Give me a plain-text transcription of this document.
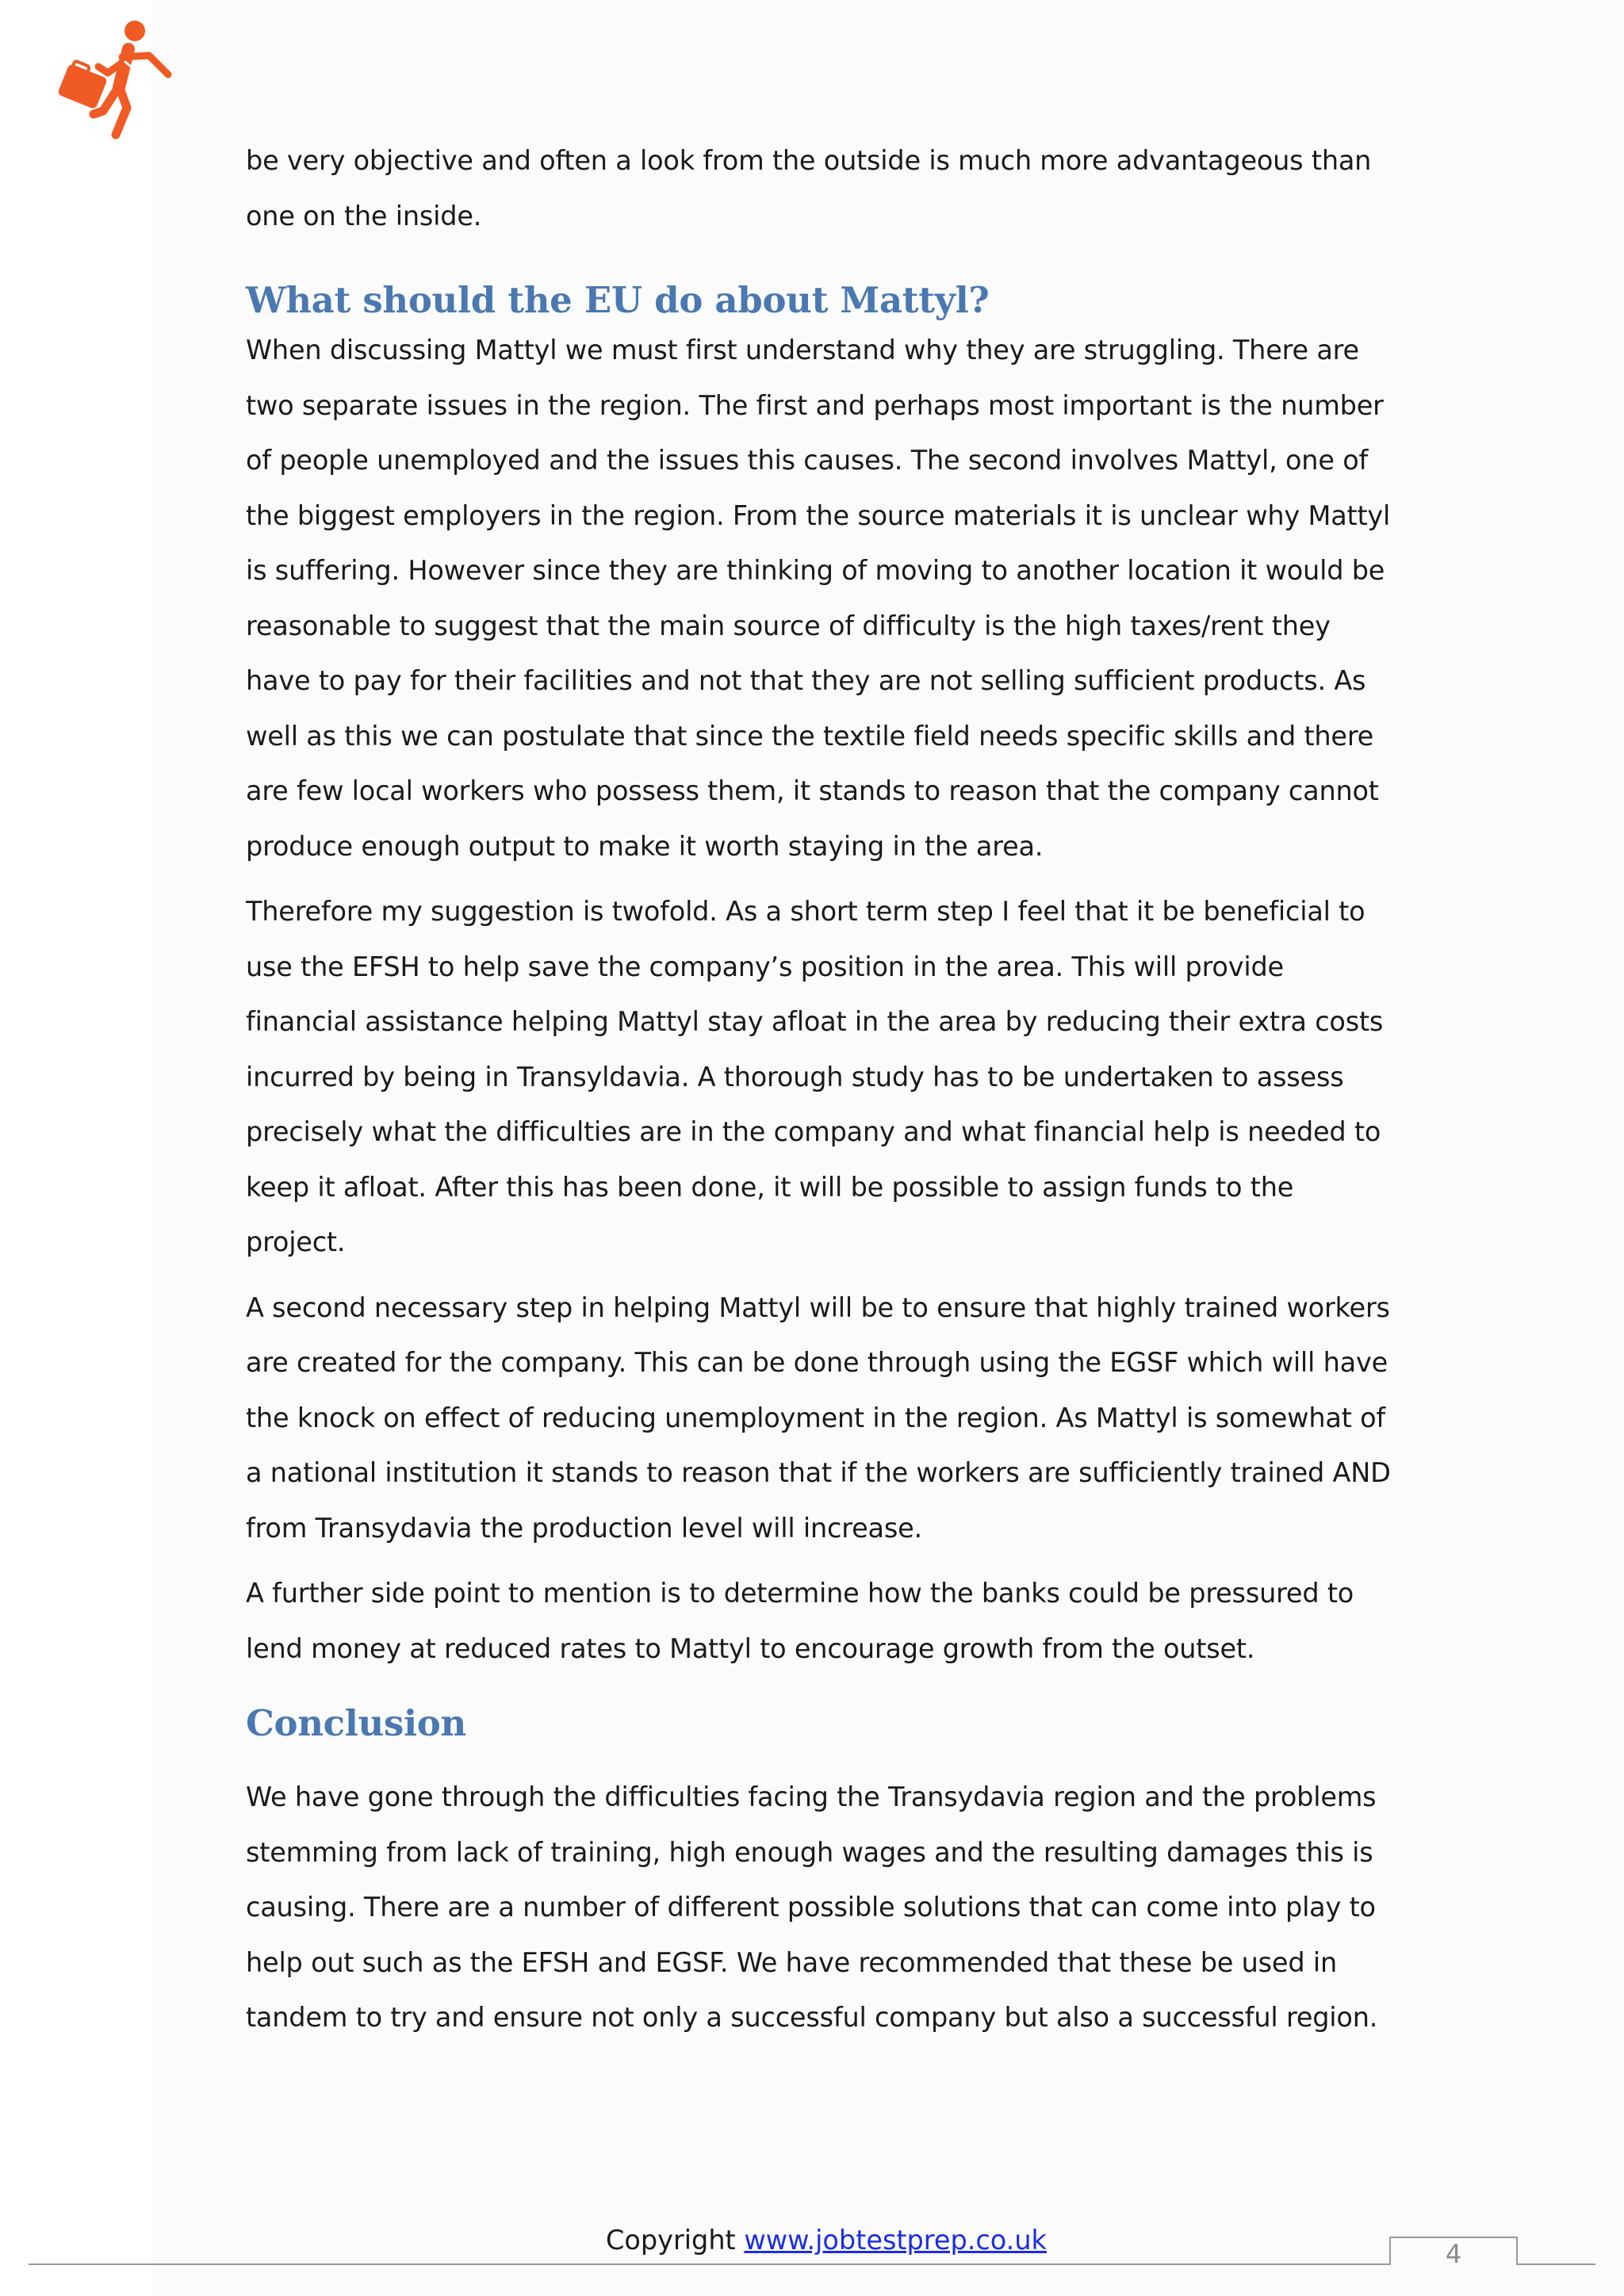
be very objective and often a look from the outside is much more advantageous than one on the inside.

What should the EU do about Mattyl?

When discussing Mattyl we must first understand why they are struggling. There are two separate issues in the region. The first and perhaps most important is the number of people unemployed and the issues this causes. The second involves Mattyl, one of the biggest employers in the region. From the source materials it is unclear why Mattyl is suffering. However since they are thinking of moving to another location it would be reasonable to suggest that the main source of difficulty is the high taxes/rent they have to pay for their facilities and not that they are not selling sufficient products. As well as this we can postulate that since the textile field needs specific skills and there are few local workers who possess them, it stands to reason that the company cannot produce enough output to make it worth staying in the area.

Therefore my suggestion is twofold. As a short term step I feel that it be beneficial to use the EFSH to help save the company’s position in the area. This will provide financial assistance helping Mattyl stay afloat in the area by reducing their extra costs incurred by being in Transyldavia. A thorough study has to be undertaken to assess precisely what the difficulties are in the company and what financial help is needed to keep it afloat. After this has been done, it will be possible to assign funds to the project.

A second necessary step in helping Mattyl will be to ensure that highly trained workers are created for the company. This can be done through using the EGSF which will have the knock on effect of reducing unemployment in the region. As Mattyl is somewhat of a national institution it stands to reason that if the workers are sufficiently trained AND from Transydavia the production level will increase.

A further side point to mention is to determine how the banks could be pressured to lend money at reduced rates to Mattyl to encourage growth from the outset.

Conclusion

We have gone through the difficulties facing the Transydavia region and the problems stemming from lack of training, high enough wages and the resulting damages this is causing. There are a number of different possible solutions that can come into play to help out such as the EFSH and EGSF. We have recommended that these be used in tandem to try and ensure not only a successful company but also a successful region.

Copyright www.jobtestprep.co.uk	4
